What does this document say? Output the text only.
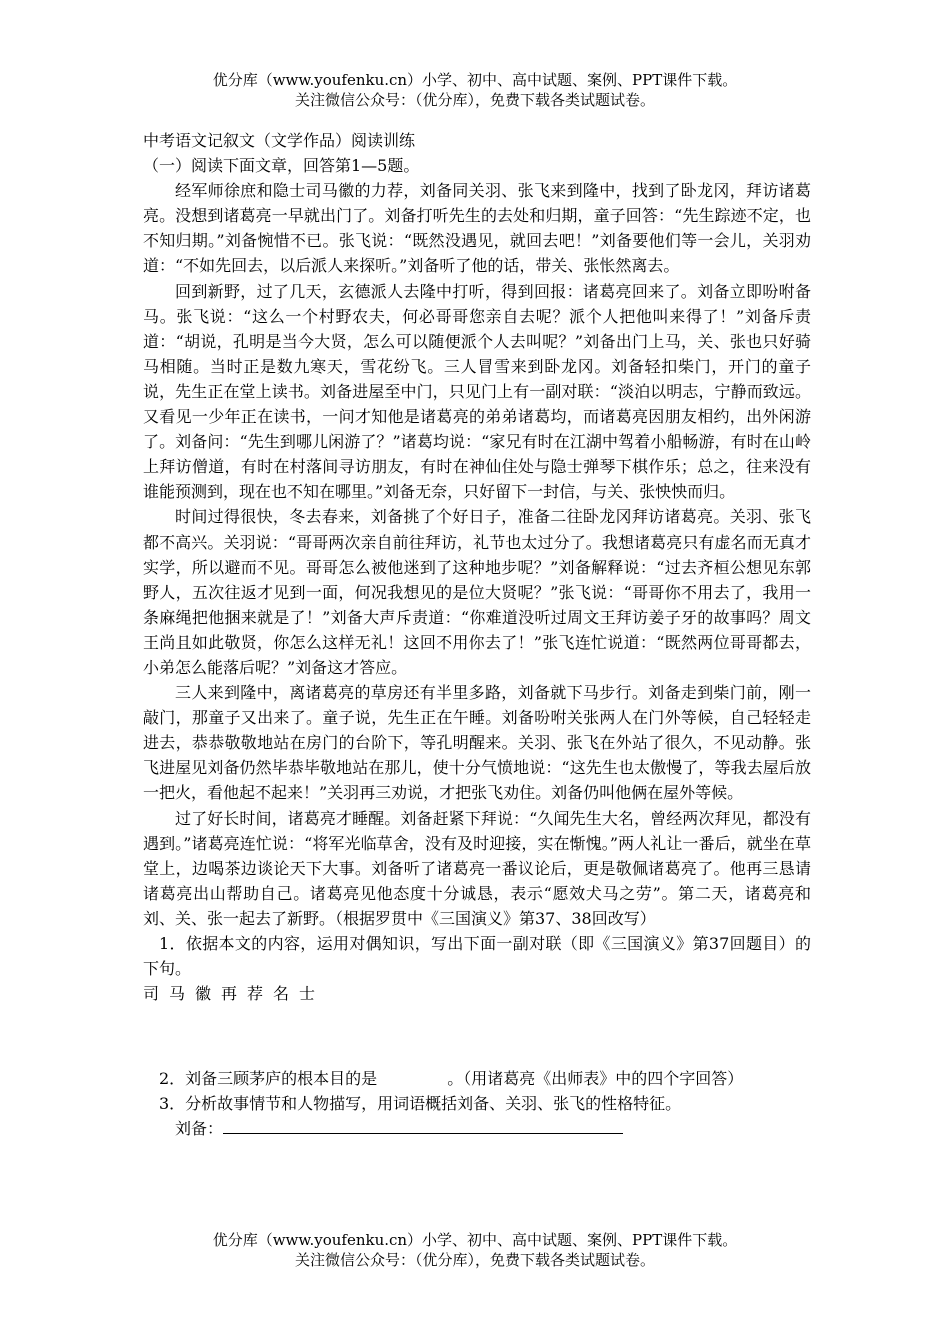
优分库（www.youfenku.cn）小学、初中、高中试题、案例、PPT课件下载。
关注微信公众号：（优分库），免费下载各类试题试卷。

中考语文记叙文（文学作品）阅读训练

（一）阅读下面文章，回答第1—5题。

经军师徐庶和隐士司马徽的力荐，刘备同关羽、张飞来到隆中，找到了卧龙冈，拜访诸葛亮。没想到诸葛亮一早就出门了。刘备打听先生的去处和归期，童子回答：“先生踪迹不定，也不知归期。”刘备惋惜不已。张飞说：“既然没遇见，就回去吧！”刘备要他们等一会儿，关羽劝道：“不如先回去，以后派人来探听。”刘备听了他的话，带关、张怅然离去。

回到新野，过了几天，玄德派人去隆中打听，得到回报：诸葛亮回来了。刘备立即吩咐备马。张飞说：“这么一个村野农夫，何必哥哥您亲自去呢？派个人把他叫来得了！”刘备斥责道：“胡说，孔明是当今大贤，怎么可以随便派个人去叫呢？”刘备出门上马，关、张也只好骑马相随。当时正是数九寒天，雪花纷飞。三人冒雪来到卧龙冈。刘备轻扣柴门，开门的童子说，先生正在堂上读书。刘备进屋至中门，只见门上有一副对联：“淡泊以明志，宁静而致远。又看见一少年正在读书，一问才知他是诸葛亮的弟弟诸葛均，而诸葛亮因朋友相约，出外闲游了。刘备问：“先生到哪儿闲游了？”诸葛均说：“家兄有时在江湖中驾着小船畅游，有时在山岭上拜访僧道，有时在村落间寻访朋友，有时在神仙住处与隐士弹琴下棋作乐；总之，往来没有谁能预测到，现在也不知在哪里。”刘备无奈，只好留下一封信，与关、张怏怏而归。

时间过得很快，冬去春来，刘备挑了个好日子，准备二往卧龙冈拜访诸葛亮。关羽、张飞都不高兴。关羽说：“哥哥两次亲自前往拜访，礼节也太过分了。我想诸葛亮只有虚名而无真才实学，所以避而不见。哥哥怎么被他迷到了这种地步呢？”刘备解释说：“过去齐桓公想见东郭野人，五次往返才见到一面，何况我想见的是位大贤呢？”张飞说：“哥哥你不用去了，我用一条麻绳把他捆来就是了！”刘备大声斥责道：“你难道没听过周文王拜访姜子牙的故事吗？周文王尚且如此敬贤，你怎么这样无礼！这回不用你去了！”张飞连忙说道：“既然两位哥哥都去，小弟怎么能落后呢？”刘备这才答应。

三人来到隆中，离诸葛亮的草房还有半里多路，刘备就下马步行。刘备走到柴门前，刚一敲门，那童子又出来了。童子说，先生正在午睡。刘备吩咐关张两人在门外等候，自己轻轻走进去，恭恭敬敬地站在房门的台阶下，等孔明醒来。关羽、张飞在外站了很久，不见动静。张飞进屋见刘备仍然毕恭毕敬地站在那儿，使十分气愤地说：“这先生也太傲慢了，等我去屋后放一把火，看他起不起来！”关羽再三劝说，才把张飞劝住。刘备仍叫他俩在屋外等候。

过了好长时间，诸葛亮才睡醒。刘备赶紧下拜说：“久闻先生大名，曾经两次拜见，都没有遇到。”诸葛亮连忙说：“将军光临草舍，没有及时迎接，实在惭愧。”两人礼让一番后，就坐在草堂上，边喝茶边谈论天下大事。刘备听了诸葛亮一番议论后，更是敬佩诸葛亮了。他再三恳请诸葛亮出山帮助自己。诸葛亮见他态度十分诚恳，表示“愿效犬马之劳”。第二天，诸葛亮和刘、关、张一起去了新野。（根据罗贯中《三国演义》第37、38回改写）

1．依据本文的内容，运用对偶知识，写出下面一副对联（即《三国演义》第37回题目）的下句。

司马徽再荐名士

2．刘备三顾茅庐的根本目的是	。（用诸葛亮《出师表》中的四个字回答）

3．分析故事情节和人物描写，用词语概括刘备、关羽、张飞的性格特征。

刘备：

优分库（www.youfenku.cn）小学、初中、高中试题、案例、PPT课件下载。
关注微信公众号：（优分库），免费下载各类试题试卷。
